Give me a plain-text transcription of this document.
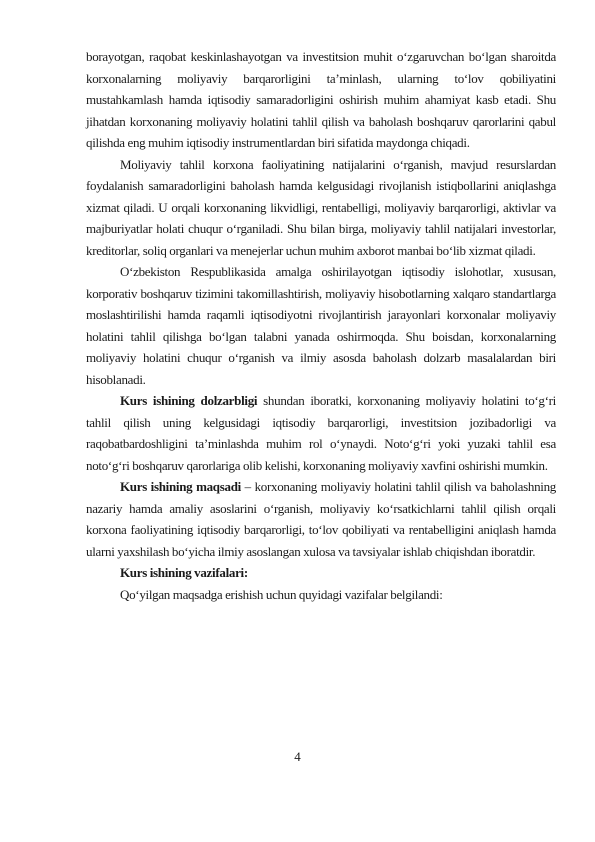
borayotgan, raqobat keskinlashayotgan va investitsion muhit o‘zgaruvchan bo‘lgan sharoitda korxonalarning moliyaviy barqarorligini ta’minlash, ularning to‘lov qobiliyatini mustahkamlash hamda iqtisodiy samaradorligini oshirish muhim ahamiyat kasb etadi. Shu jihatdan korxonaning moliyaviy holatini tahlil qilish va baholash boshqaruv qarorlarini qabul qilishda eng muhim iqtisodiy instrumentlardan biri sifatida maydonga chiqadi.

Moliyaviy tahlil korxona faoliyatining natijalarini o‘rganish, mavjud resurslardan foydalanish samaradorligini baholash hamda kelgusidagi rivojlanish istiqbollarini aniqlashga xizmat qiladi. U orqali korxonaning likvidligi, rentabelligi, moliyaviy barqarorligi, aktivlar va majburiyatlar holati chuqur o‘rganiladi. Shu bilan birga, moliyaviy tahlil natijalari investorlar, kreditorlar, soliq organlari va menejerlar uchun muhim axborot manbai bo‘lib xizmat qiladi.

O‘zbekiston Respublikasida amalga oshirilayotgan iqtisodiy islohotlar, xususan, korporativ boshqaruv tizimini takomillashtirish, moliyaviy hisobotlarning xalqaro standartlarga moslashtirilishi hamda raqamli iqtisodiyotni rivojlantirish jarayonlari korxonalar moliyaviy holatini tahlil qilishga bo‘lgan talabni yanada oshirmoqda. Shu boisdan, korxonalarning moliyaviy holatini chuqur o‘rganish va ilmiy asosda baholash dolzarb masalalardan biri hisoblanadi.

Kurs ishining dolzarbligi shundan iboratki, korxonaning moliyaviy holatini to‘g‘ri tahlil qilish uning kelgusidagi iqtisodiy barqarorligi, investitsion jozibadorligi va raqobatbardoshligini ta’minlashda muhim rol o‘ynaydi. Noto‘g‘ri yoki yuzaki tahlil esa noto‘g‘ri boshqaruv qarorlariga olib kelishi, korxonaning moliyaviy xavfini oshirishi mumkin.

Kurs ishining maqsadi – korxonaning moliyaviy holatini tahlil qilish va baholashning nazariy hamda amaliy asoslarini o‘rganish, moliyaviy ko‘rsatkichlarni tahlil qilish orqali korxona faoliyatining iqtisodiy barqarorligi, to‘lov qobiliyati va rentabelligini aniqlash hamda ularni yaxshilash bo‘yicha ilmiy asoslangan xulosa va tavsiyalar ishlab chiqishdan iboratdir.

Kurs ishining vazifalari:

Qo‘yilgan maqsadga erishish uchun quyidagi vazifalar belgilandi:

4
